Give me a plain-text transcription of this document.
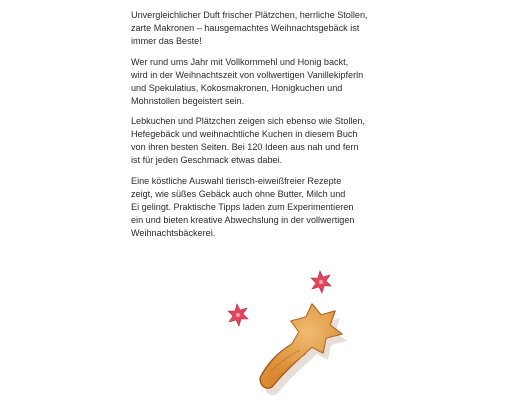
Unvergleichlicher Duft frischer Plätzchen, herrliche Stollen,
zarte Makronen – hausgemachtes Weihnachtsgebäck ist
immer das Beste!

Wer rund ums Jahr mit Vollkornmehl und Honig backt,
wird in der Weihnachtszeit von vollwertigen Vanillekipferln
und Spekulatius, Kokosmakronen, Honigkuchen und
Mohnstollen begeistert sein.

Lebkuchen und Plätzchen zeigen sich ebenso wie Stollen,
Hefegebäck und weihnachtliche Kuchen in diesem Buch
von ihren besten Seiten. Bei 120 Ideen aus nah und fern
ist für jeden Geschmack etwas dabei.

Eine köstliche Auswahl tierisch-eiweißfreier Rezepte
zeigt, wie süßes Gebäck auch ohne Butter, Milch und
Ei gelingt. Praktische Tipps laden zum Experimentieren
ein und bieten kreative Abwechslung in der vollwertigen
Weihnachtsbäckerei.
